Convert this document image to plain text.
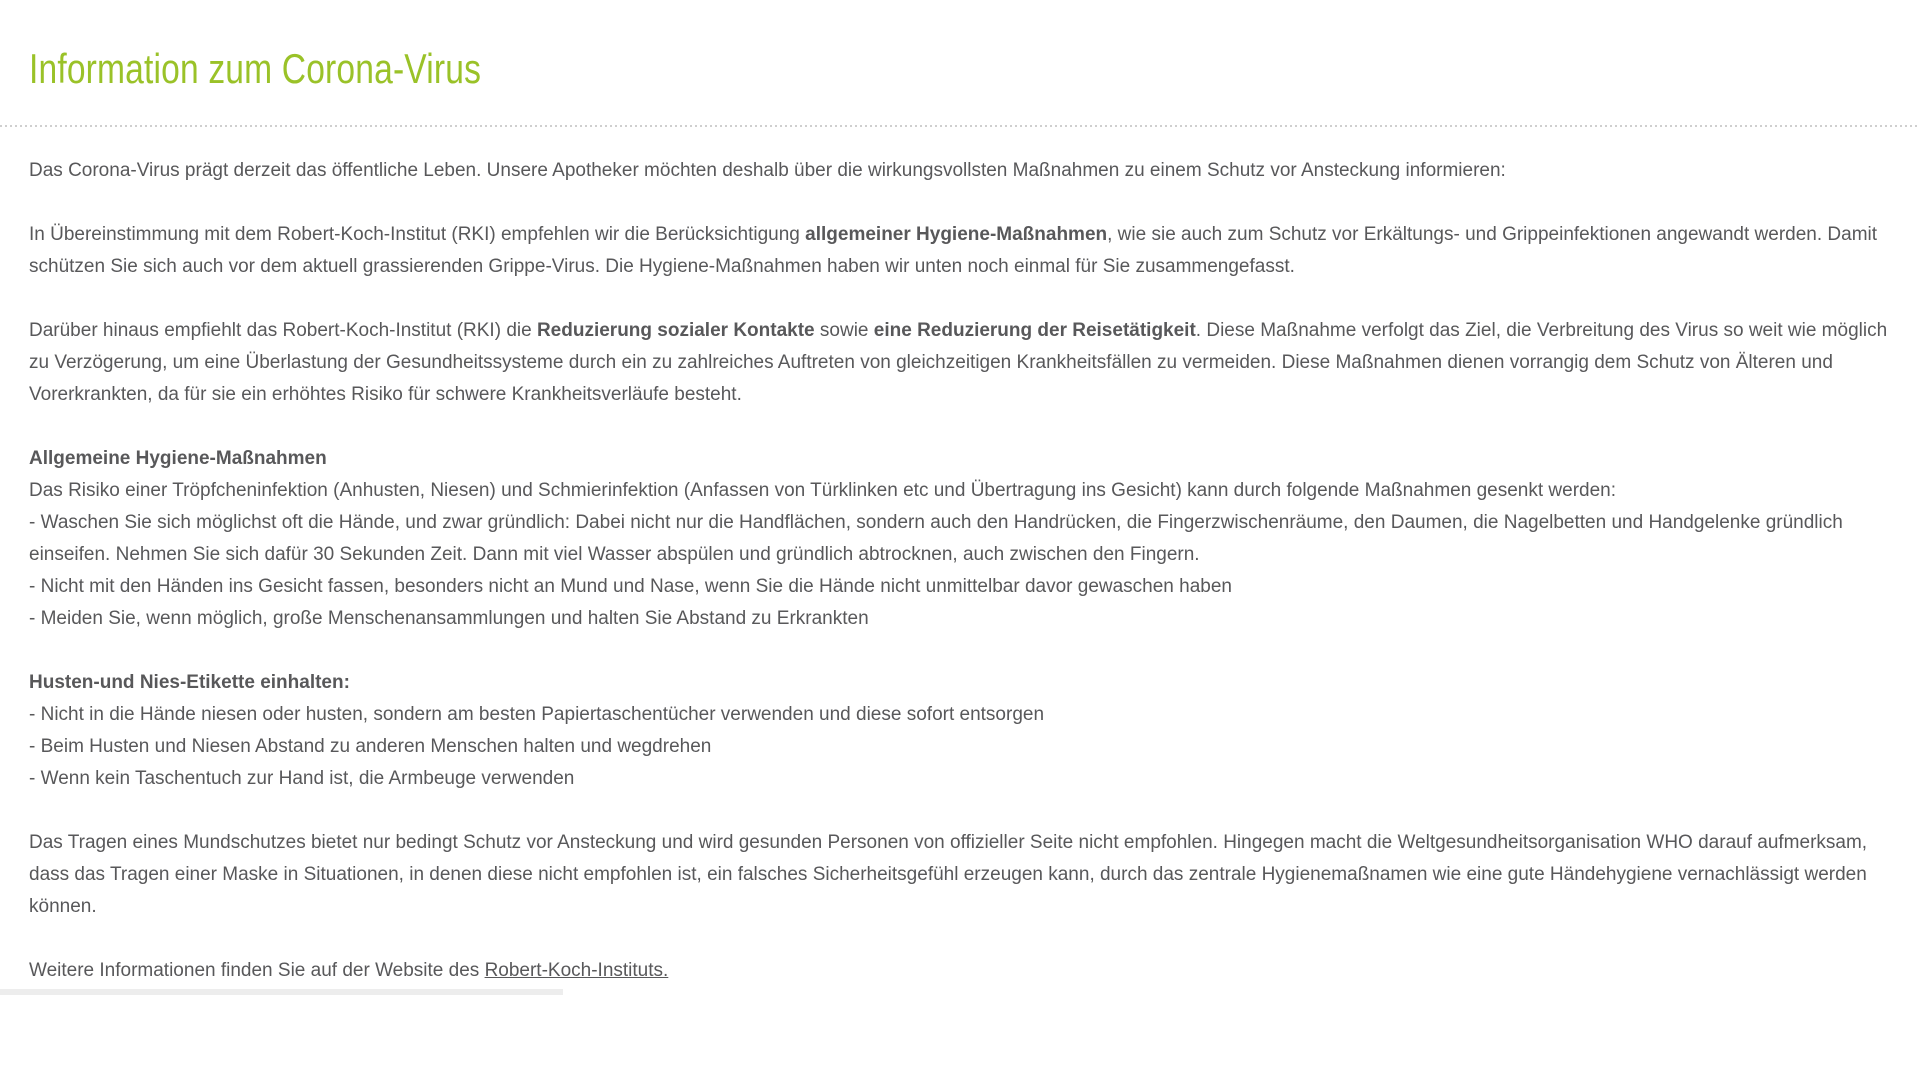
Information zum Corona-Virus

Das Corona-Virus prägt derzeit das öffentliche Leben. Unsere Apotheker möchten deshalb über die wirkungsvollsten Maßnahmen zu einem Schutz vor Ansteckung informieren:

In Übereinstimmung mit dem Robert-Koch-Institut (RKI) empfehlen wir die Berücksichtigung allgemeiner Hygiene-Maßnahmen, wie sie auch zum Schutz vor Erkältungs- und Grippeinfektionen angewandt werden. Damit schützen Sie sich auch vor dem aktuell grassierenden Grippe-Virus. Die Hygiene-Maßnahmen haben wir unten noch einmal für Sie zusammengefasst.

Darüber hinaus empfiehlt das Robert-Koch-Institut (RKI) die Reduzierung sozialer Kontakte sowie eine Reduzierung der Reisetätigkeit. Diese Maßnahme verfolgt das Ziel, die Verbreitung des Virus so weit wie möglich zu Verzögerung, um eine Überlastung der Gesundheitssysteme durch ein zu zahlreiches Auftreten von gleichzeitigen Krankheitsfällen zu vermeiden. Diese Maßnahmen dienen vorrangig dem Schutz von Älteren und Vorerkrankten, da für sie ein erhöhtes Risiko für schwere Krankheitsverläufe besteht.

Allgemeine Hygiene-Maßnahmen
Das Risiko einer Tröpfcheninfektion (Anhusten, Niesen) und Schmierinfektion (Anfassen von Türklinken etc und Übertragung ins Gesicht) kann durch folgende Maßnahmen gesenkt werden:
- Waschen Sie sich möglichst oft die Hände, und zwar gründlich: Dabei nicht nur die Handflächen, sondern auch den Handrücken, die Fingerzwischenräume, den Daumen, die Nagelbetten und Handgelenke gründlich einseifen. Nehmen Sie sich dafür 30 Sekunden Zeit. Dann mit viel Wasser abspülen und gründlich abtrocknen, auch zwischen den Fingern.
- Nicht mit den Händen ins Gesicht fassen, besonders nicht an Mund und Nase, wenn Sie die Hände nicht unmittelbar davor gewaschen haben
- Meiden Sie, wenn möglich, große Menschenansammlungen und halten Sie Abstand zu Erkrankten
Husten-und Nies-Etikette einhalten:
- Nicht in die Hände niesen oder husten, sondern am besten Papiertaschentücher verwenden und diese sofort entsorgen
- Beim Husten und Niesen Abstand zu anderen Menschen halten und wegdrehen
- Wenn kein Taschentuch zur Hand ist, die Armbeuge verwenden

Das Tragen eines Mundschutzes bietet nur bedingt Schutz vor Ansteckung und wird gesunden Personen von offizieller Seite nicht empfohlen. Hingegen macht die Weltgesundheitsorganisation WHO darauf aufmerksam, dass das Tragen einer Maske in Situationen, in denen diese nicht empfohlen ist, ein falsches Sicherheitsgefühl erzeugen kann, durch das zentrale Hygienemaßnamen wie eine gute Händehygiene vernachlässigt werden können.

Weitere Informationen finden Sie auf der Website des Robert-Koch-Instituts.
